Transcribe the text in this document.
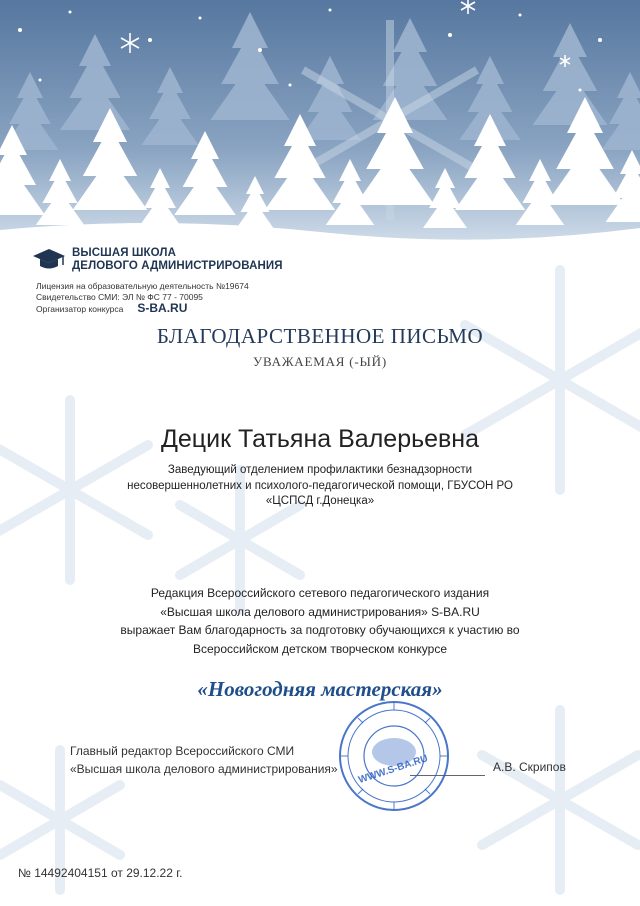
ВЫСШАЯ ШКОЛА
ДЕЛОВОГО АДМИНИСТРИРОВАНИЯ
Лицензия на образовательную деятельность №19674
Свидетельство СМИ: ЭЛ № ФС 77 - 70095
Организатор конкурса S-BA.RU
БЛАГОДАРСТВЕННОЕ ПИСЬМО
УВАЖАЕМАЯ (-ЫЙ)
Децик Татьяна Валерьевна
Заведующий отделением профилактики безнадзорности
несовершеннолетних и психолого-педагогической помощи, ГБУСОН РО
«ЦСПСД г.Донецка»
Редакция Всероссийского сетевого педагогического издания
«Высшая школа делового администрирования» S-BA.RU
выражает Вам благодарность за подготовку обучающихся к участию во
Всероссийском детском творческом конкурсе
«Новогодняя мастерская»
Главный редактор Всероссийского СМИ
«Высшая школа делового администрирования»	А.В. Скрипов
WWW.S-BA.RU
№ 14492404151 от 29.12.22 г.
